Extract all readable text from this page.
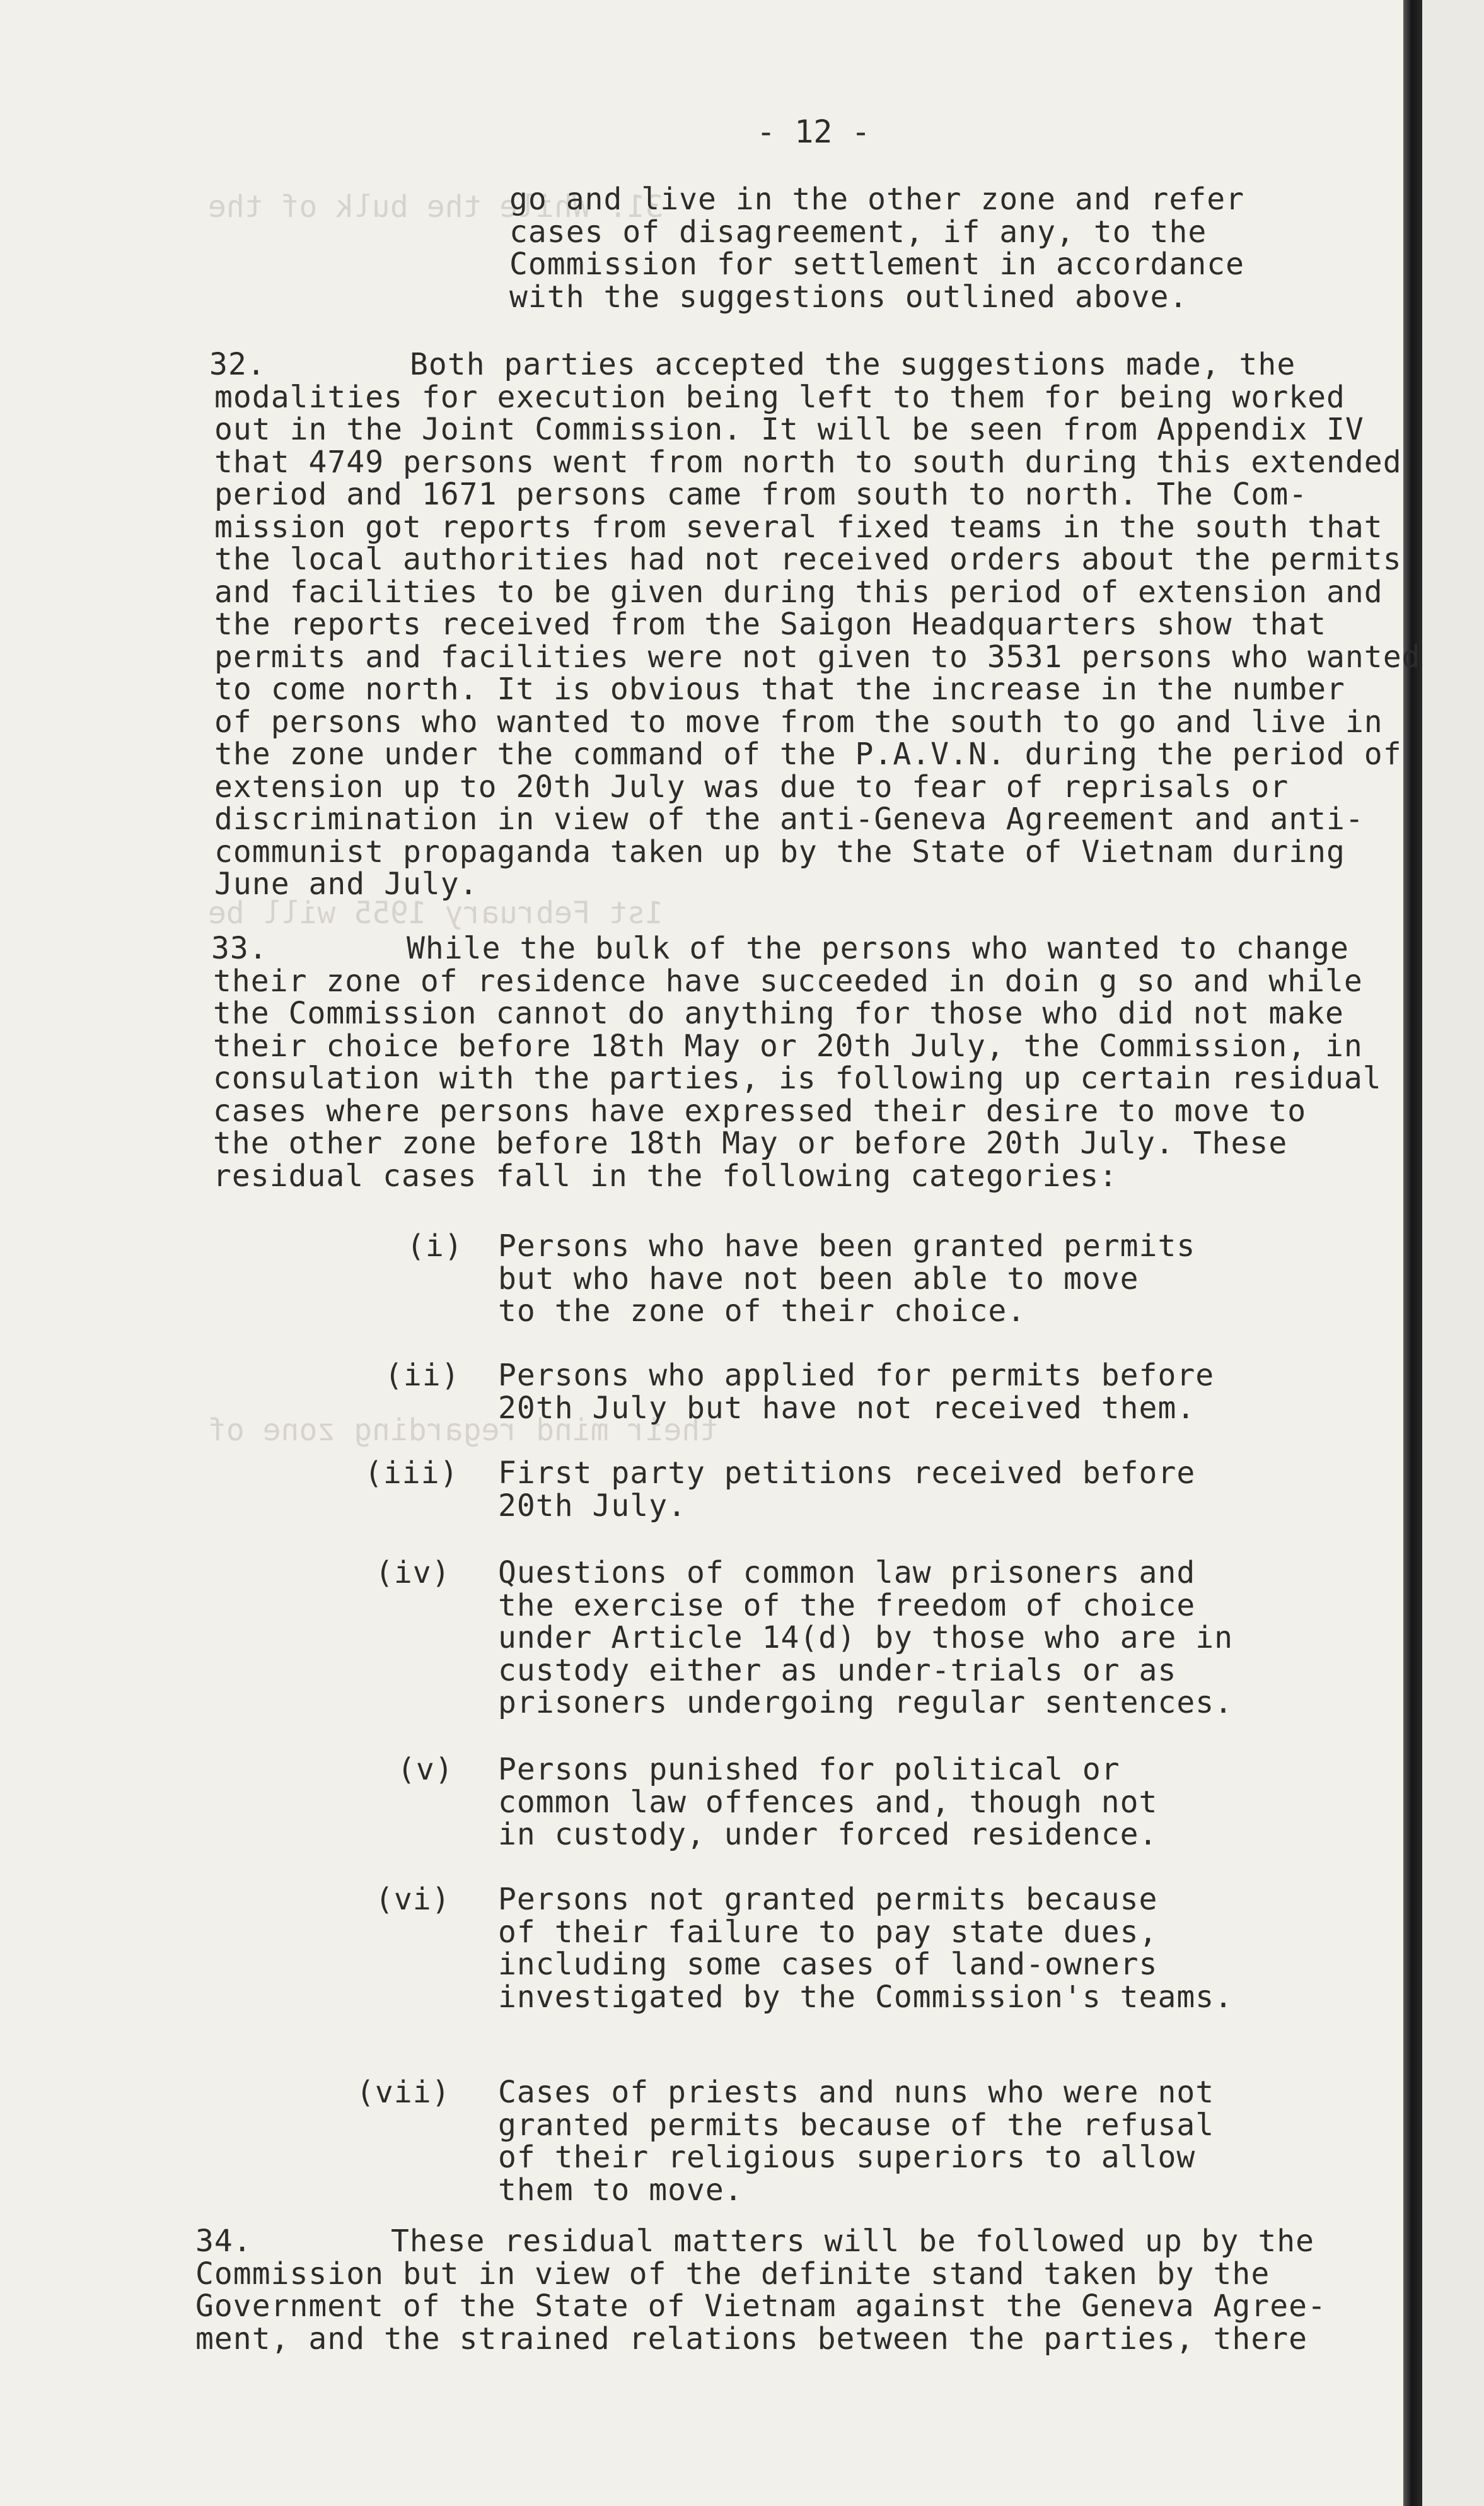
31. While the bulk of the
1st February 1955 will be
their mind regarding zone of
- 12 -
go and live in the other zone and refer
cases of disagreement, if any, to the
Commission for settlement in accordance
with the suggestions outlined above.
32.	Both parties accepted the suggestions made, the
modalities for execution being left to them for being worked
out in the Joint Commission. It will be seen from Appendix IV
that 4749 persons went from north to south during this extended
period and 1671 persons came from south to north. The Com-
mission got reports from several fixed teams in the south that
the local authorities had not received orders about the permits
and facilities to be given during this period of extension and
the reports received from the Saigon Headquarters show that
permits and facilities were not given to 3531 persons who wanted
to come north. It is obvious that the increase in the number
of persons who wanted to move from the south to go and live in
the zone under the command of the P.A.V.N. during the period of
extension up to 20th July was due to fear of reprisals or
discrimination in view of the anti-Geneva Agreement and anti-
communist propaganda taken up by the State of Vietnam during
June and July.
33.	While the bulk of the persons who wanted to change
their zone of residence have succeeded in doin g so and while
the Commission cannot do anything for those who did not make
their choice before 18th May or 20th July, the Commission, in
consulation with the parties, is following up certain residual
cases where persons have expressed their desire to move to
the other zone before 18th May or before 20th July. These
residual cases fall in the following categories:
(i) Persons who have been granted permits
but who have not been able to move
to the zone of their choice.
(ii) Persons who applied for permits before
20th July but have not received them.
(iii) First party petitions received before
20th July.
(iv) Questions of common law prisoners and
the exercise of the freedom of choice
under Article 14(d) by those who are in
custody either as under-trials or as
prisoners undergoing regular sentences.
(v) Persons punished for political or
common law offences and, though not
in custody, under forced residence.
(vi) Persons not granted permits because
of their failure to pay state dues,
including some cases of land-owners
investigated by the Commission's teams.
(vii) Cases of priests and nuns who were not
granted permits because of the refusal
of their religious superiors to allow
them to move.
34.	These residual matters will be followed up by the
Commission but in view of the definite stand taken by the
Government of the State of Vietnam against the Geneva Agree-
ment, and the strained relations between the parties, there
